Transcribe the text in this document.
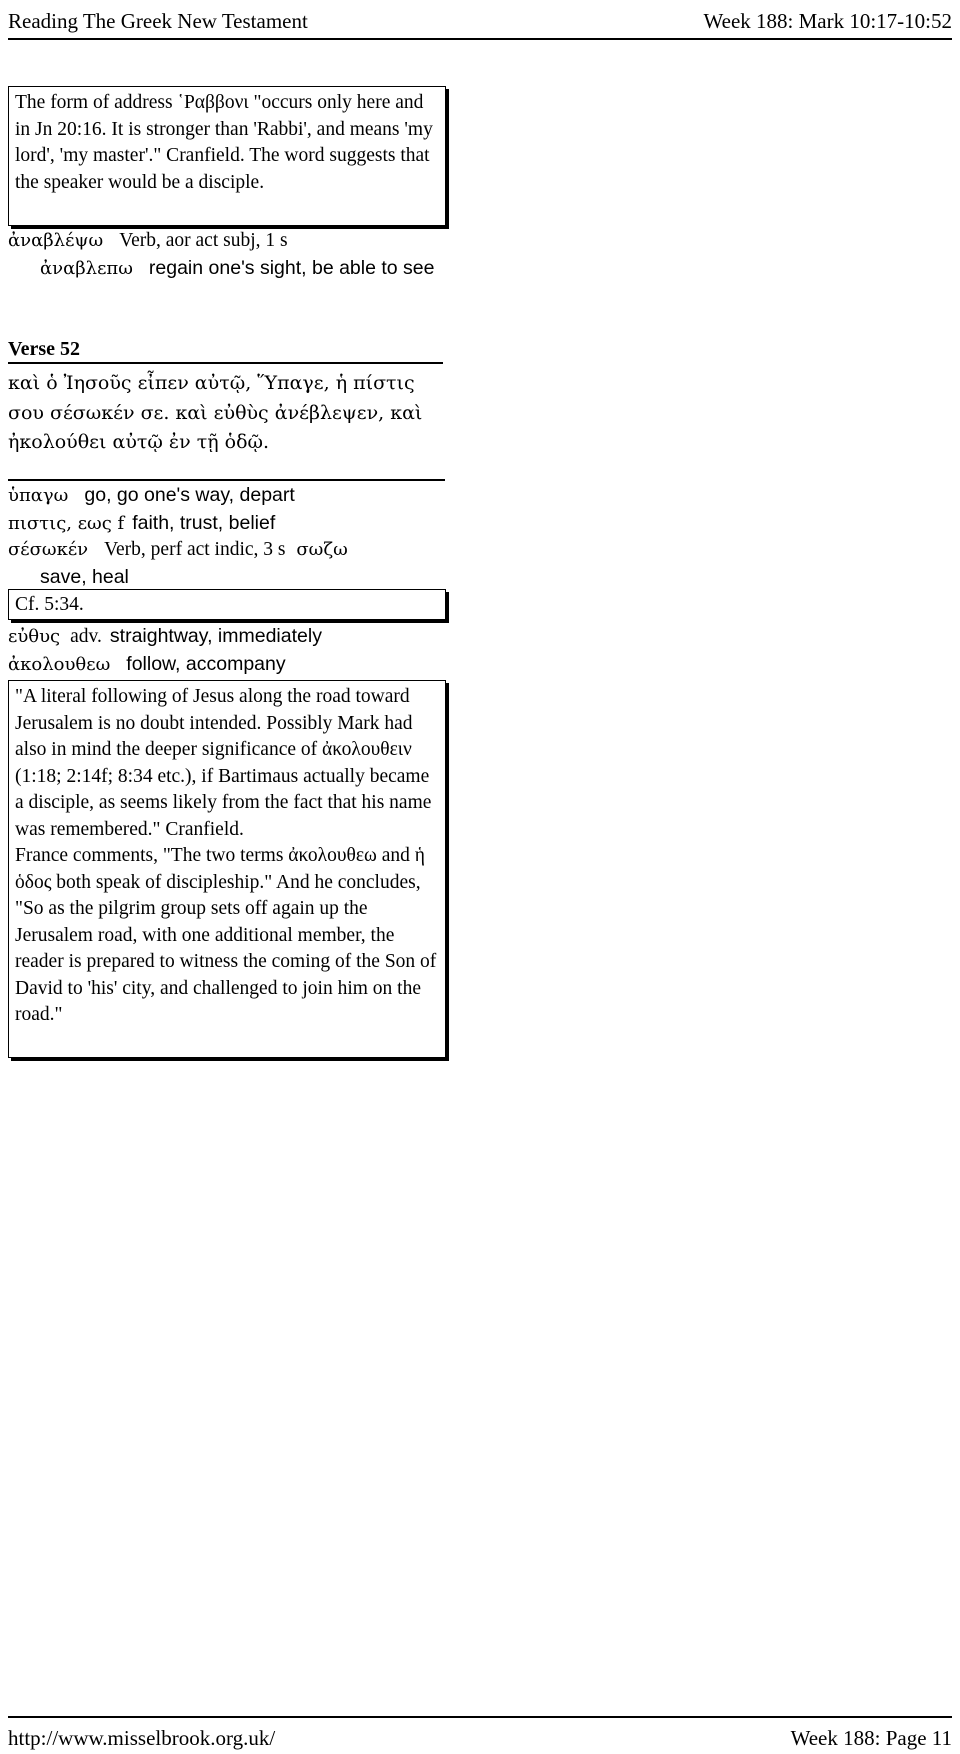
Reading The Greek New Testament	Week 188: Mark 10:17-10:52
The form of address ῾Ραββονι "occurs only here and in Jn 20:16. It is stronger than 'Rabbi', and means 'my lord', 'my master'." Cranfield. The word suggests that the speaker would be a disciple.
ἀναβλέψω Verb, aor act subj, 1 s
ἀναβλεπω regain one's sight, be able to see
Verse 52
καὶ ὁ Ἰησοῦς εἶπεν αὐτῷ, Ὕπαγε, ἡ πίστις σου σέσωκέν σε. καὶ εὐθὺς ἀνέβλεψεν, καὶ ἠκολούθει αὐτῷ ἐν τῇ ὁδῷ.
ὑπαγω go, go one's way, depart
πιστις, εως f faith, trust, belief
σέσωκέν Verb, perf act indic, 3 s σωζω
save, heal
Cf. 5:34.
εὐθυς adv. straightway, immediately
ἀκολουθεω follow, accompany
"A literal following of Jesus along the road toward Jerusalem is no doubt intended. Possibly Mark had also in mind the deeper significance of ἀκολουθειν (1:18; 2:14f; 8:34 etc.), if Bartimaus actually became a disciple, as seems likely from the fact that his name was remembered." Cranfield.
France comments, "The two terms ἀκολουθεω and ἡ ὁδος both speak of discipleship." And he concludes, "So as the pilgrim group sets off again up the Jerusalem road, with one additional member, the reader is prepared to witness the coming of the Son of David to 'his' city, and challenged to join him on the road."
http://www.misselbrook.org.uk/	Week 188: Page 11
